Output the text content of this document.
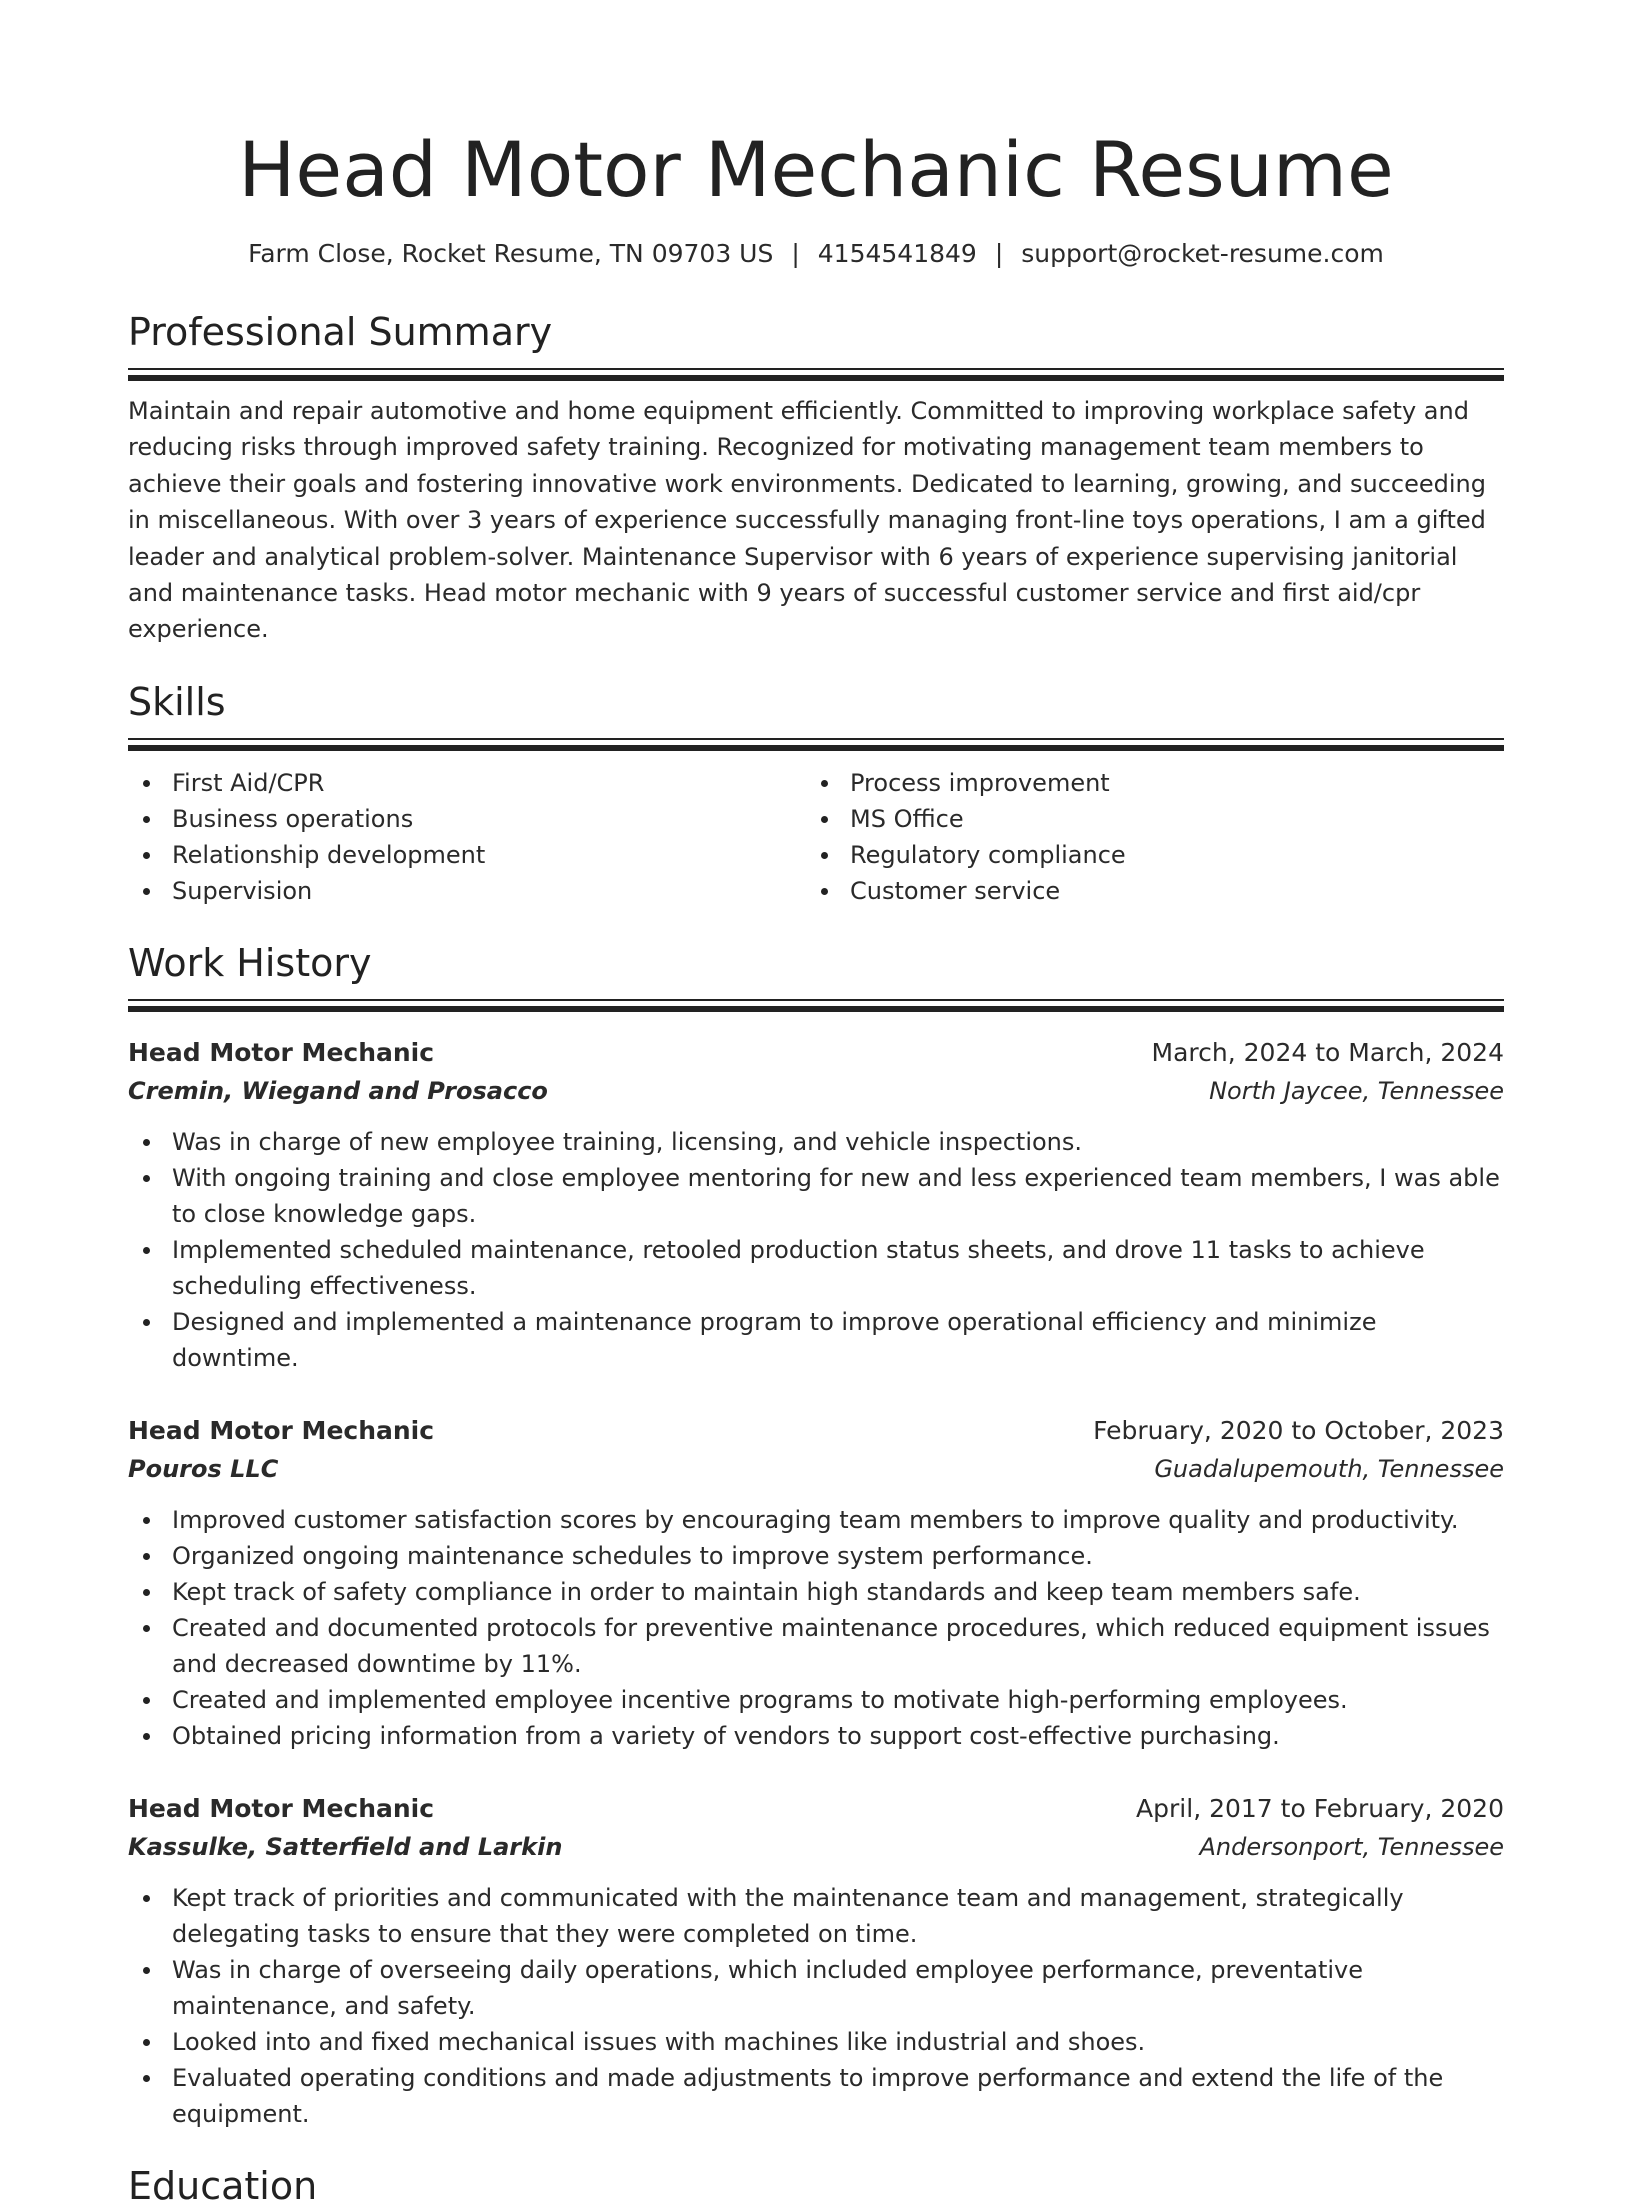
Head Motor Mechanic Resume
Farm Close, Rocket Resume, TN 09703 US | 4154541849 | support@rocket-resume.com
Professional Summary

Maintain and repair automotive and home equipment efficiently. Committed to improving workplace safety and reducing risks through improved safety training. Recognized for motivating management team members to achieve their goals and fostering innovative work environments. Dedicated to learning, growing, and succeeding in miscellaneous. With over 3 years of experience successfully managing front-line toys operations, I am a gifted leader and analytical problem-solver. Maintenance Supervisor with 6 years of experience supervising janitorial and maintenance tasks. Head motor mechanic with 9 years of successful customer service and first aid/cpr experience.

Skills
First Aid/CPR
Business operations
Relationship development
Supervision
Process improvement
MS Office
Regulatory compliance
Customer service
Work History
Head Motor Mechanic	March, 2024 to March, 2024
Cremin, Wiegand and Prosacco	North Jaycee, Tennessee
Was in charge of new employee training, licensing, and vehicle inspections.
With ongoing training and close employee mentoring for new and less experienced team members, I was able to close knowledge gaps.
Implemented scheduled maintenance, retooled production status sheets, and drove 11 tasks to achieve scheduling effectiveness.
Designed and implemented a maintenance program to improve operational efficiency and minimize downtime.
Head Motor Mechanic	February, 2020 to October, 2023
Pouros LLC	Guadalupemouth, Tennessee
Improved customer satisfaction scores by encouraging team members to improve quality and productivity.
Organized ongoing maintenance schedules to improve system performance.
Kept track of safety compliance in order to maintain high standards and keep team members safe.
Created and documented protocols for preventive maintenance procedures, which reduced equipment issues and decreased downtime by 11%.
Created and implemented employee incentive programs to motivate high-performing employees.
Obtained pricing information from a variety of vendors to support cost-effective purchasing.
Head Motor Mechanic	April, 2017 to February, 2020
Kassulke, Satterfield and Larkin	Andersonport, Tennessee
Kept track of priorities and communicated with the maintenance team and management, strategically delegating tasks to ensure that they were completed on time.
Was in charge of overseeing daily operations, which included employee performance, preventative maintenance, and safety.
Looked into and fixed mechanical issues with machines like industrial and shoes.
Evaluated operating conditions and made adjustments to improve performance and extend the life of the equipment.
Education
